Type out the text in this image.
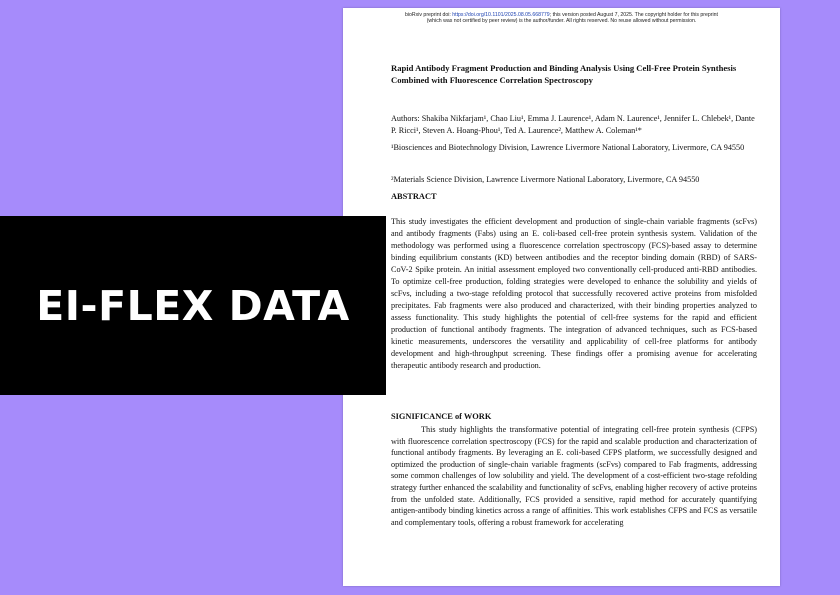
bioRxiv preprint doi: https://doi.org/10.1101/2025.08.05.668779; this version posted August 7, 2025. The copyright holder for this preprint
(which was not certified by peer review) is the author/funder. All rights reserved. No reuse allowed without permission.
Rapid Antibody Fragment Production and Binding Analysis Using Cell-Free Protein Synthesis Combined with Fluorescence Correlation Spectroscopy
Authors: Shakiba Nikfarjam¹, Chao Liu¹, Emma J. Laurence¹, Adam N. Laurence¹, Jennifer L. Chlebek¹, Dante P. Ricci¹, Steven A. Hoang-Phou¹, Ted A. Laurence², Matthew A. Coleman¹*
¹Biosciences and Biotechnology Division, Lawrence Livermore National Laboratory, Livermore, CA 94550
²Materials Science Division, Lawrence Livermore National Laboratory, Livermore, CA 94550
ABSTRACT
This study investigates the efficient development and production of single-chain variable fragments (scFvs) and antibody fragments (Fabs) using an E. coli-based cell-free protein synthesis system. Validation of the methodology was performed using a fluorescence correlation spectroscopy (FCS)-based assay to determine binding equilibrium constants (KD) between antibodies and the receptor binding domain (RBD) of SARS-CoV-2 Spike protein. An initial assessment employed two conventionally cell-produced anti-RBD antibodies. To optimize cell-free production, folding strategies were developed to enhance the solubility and yields of scFvs, including a two-stage refolding protocol that successfully recovered active proteins from misfolded precipitates. Fab fragments were also produced and characterized, with their binding properties analyzed to assess functionality. This study highlights the potential of cell-free systems for the rapid and efficient production of functional antibody fragments. The integration of advanced techniques, such as FCS-based kinetic measurements, underscores the versatility and applicability of cell-free platforms for antibody development and high-throughput screening. These findings offer a promising avenue for accelerating therapeutic antibody research and production.
SIGNIFICANCE of WORK
This study highlights the transformative potential of integrating cell-free protein synthesis (CFPS) with fluorescence correlation spectroscopy (FCS) for the rapid and scalable production and characterization of functional antibody fragments. By leveraging an E. coli-based CFPS platform, we successfully designed and optimized the production of single-chain variable fragments (scFvs) compared to Fab fragments, addressing some common challenges of low solubility and yield. The development of a cost-efficient two-stage refolding strategy further enhanced the scalability and functionality of scFvs, enabling higher recovery of active proteins from the unfolded state. Additionally, FCS provided a sensitive, rapid method for accurately quantifying antigen-antibody binding kinetics across a range of affinities. This work establishes CFPS and FCS as versatile and complementary tools, offering a robust framework for accelerating
EI-FLEX DATA
